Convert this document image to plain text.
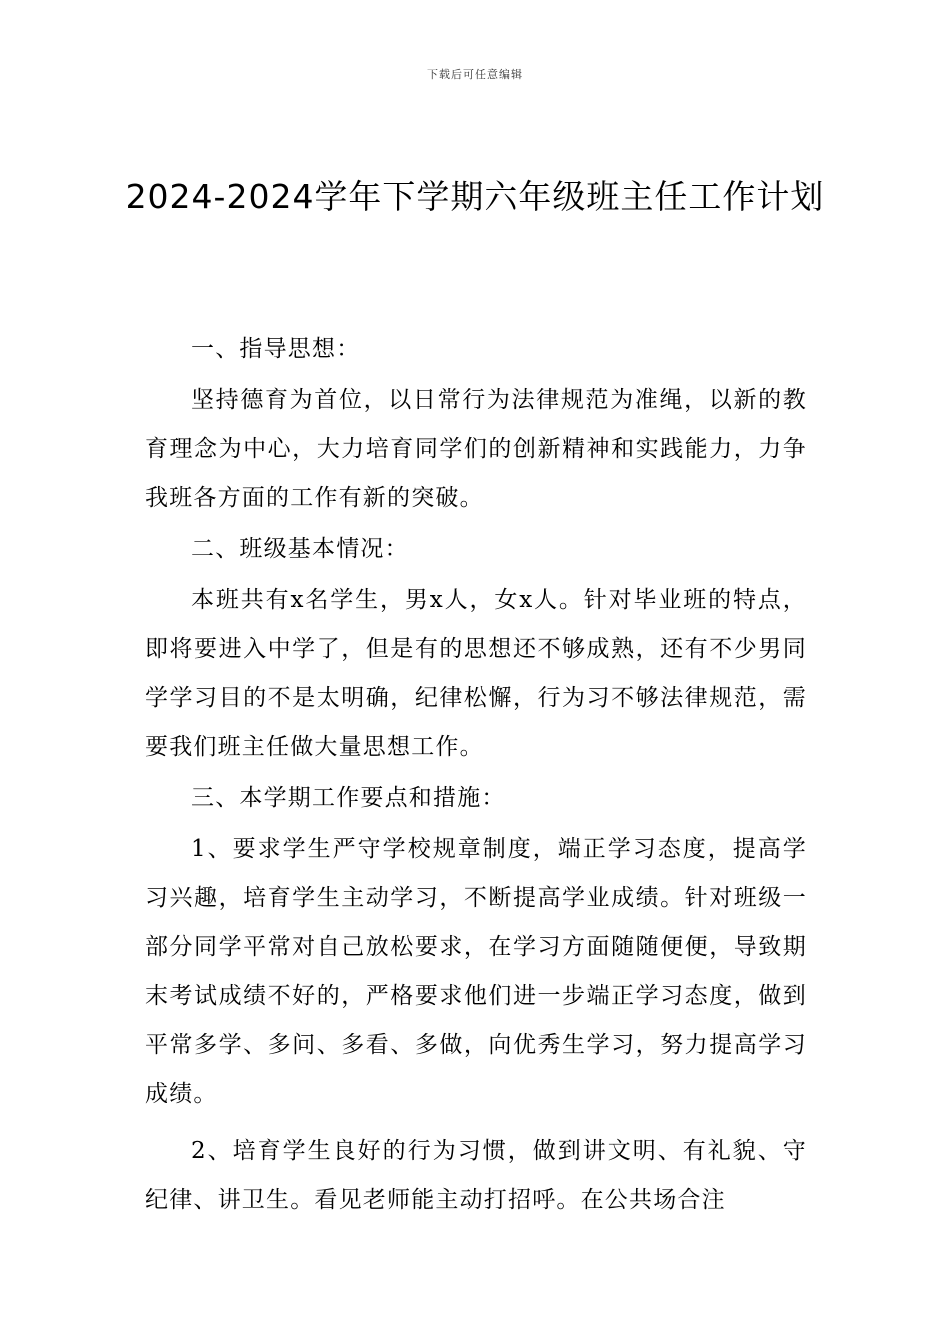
下载后可任意编辑
2024-2024学年下学期六年级班主任工作计划

一、指导思想：

坚持德育为首位，以日常行为法律规范为准绳，以新的教育理念为中心，大力培育同学们的创新精神和实践能力，力争我班各方面的工作有新的突破。

二、班级基本情况：

本班共有x名学生，男x人，女x人。针对毕业班的特点，即将要进入中学了，但是有的思想还不够成熟，还有不少男同学学习目的不是太明确，纪律松懈，行为习不够法律规范，需要我们班主任做大量思想工作。

三、本学期工作要点和措施：

1、要求学生严守学校规章制度，端正学习态度，提高学习兴趣，培育学生主动学习，不断提高学业成绩。针对班级一部分同学平常对自己放松要求，在学习方面随随便便，导致期末考试成绩不好的，严格要求他们进一步端正学习态度，做到平常多学、多问、多看、多做，向优秀生学习，努力提高学习成绩。

2、培育学生良好的行为习惯，做到讲文明、有礼貌、守纪律、讲卫生。看见老师能主动打招呼。在公共场合注
